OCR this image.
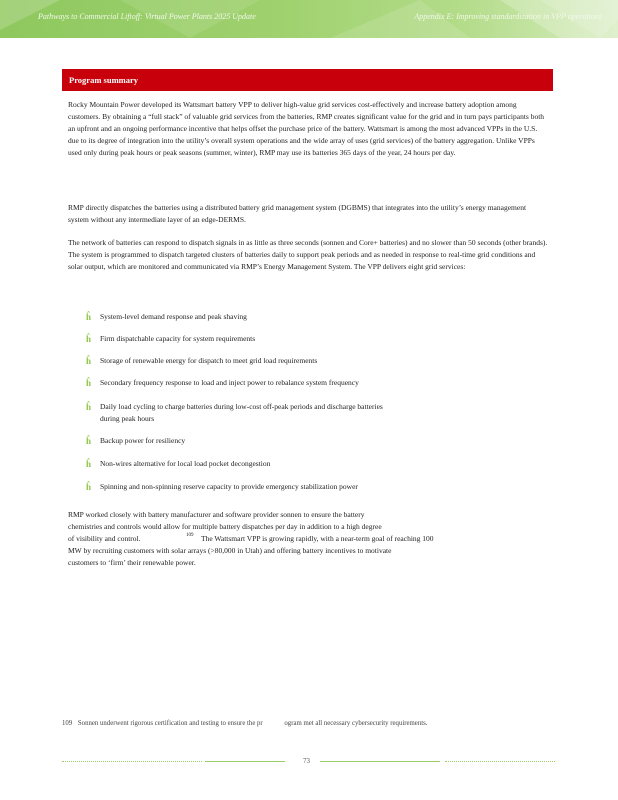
Pathways to Commercial Liftoff: Virtual Power Plants 2025 Update	Appendix E: Improving standardization in VPP operations
Program summary
Rocky Mountain Power developed its Wattsmart battery VPP to deliver high-value grid services cost-effectively and increase battery adoption among customers. By obtaining a “full stack” of valuable grid services from the batteries, RMP creates significant value for the grid and in turn pays participants both an upfront and an ongoing performance incentive that helps offset the purchase price of the battery. Wattsmart is among the most advanced VPPs in the U.S. due to its degree of integration into the utility’s overall system operations and the wide array of uses (grid services) of the battery aggregation. Unlike VPPs used only during peak hours or peak seasons (summer, winter), RMP may use its batteries 365 days of the year, 24 hours per day.
RMP directly dispatches the batteries using a distributed battery grid management system (DGBMS) that integrates into the utility’s energy management system without any intermediate layer of an edge-DERMS.
The network of batteries can respond to dispatch signals in as little as three seconds (sonnen and Core+ batteries) and no slower than 50 seconds (other brands). The system is programmed to dispatch targeted clusters of batteries daily to support peak periods and as needed in response to real-time grid conditions and solar output, which are monitored and communicated via RMP’s Energy Management System. The VPP delivers eight grid services:
ĥ	System-level demand response and peak shaving
ĥ	Firm dispatchable capacity for system requirements
ĥ	Storage of renewable energy for dispatch to meet grid load requirements
ĥ	Secondary frequency response to load and inject power to rebalance system frequency
ĥ	Daily load cycling to charge batteries during low-cost off-peak periods and discharge batteries during peak hours
ĥ	Backup power for resiliency
ĥ	Non-wires alternative for local load pocket decongestion
ĥ	Spinning and non-spinning reserve capacity to provide emergency stabilization power
RMP worked closely with battery manufacturer and software provider sonnen to ensure the battery
chemistries and controls would allow for multiple battery dispatches per day in addition to a high degree
of visibility and control.	109 The Wattsmart VPP is growing rapidly, with a near-term goal of reaching 100
MW by recruiting customers with solar arrays (>80,000 in Utah) and offering battery incentives to motivate
customers to ‘firm’ their renewable power.
109 Sonnen underwent rigorous certification and testing to ensure the pr	ogram met all necessary cybersecurity requirements.
73
